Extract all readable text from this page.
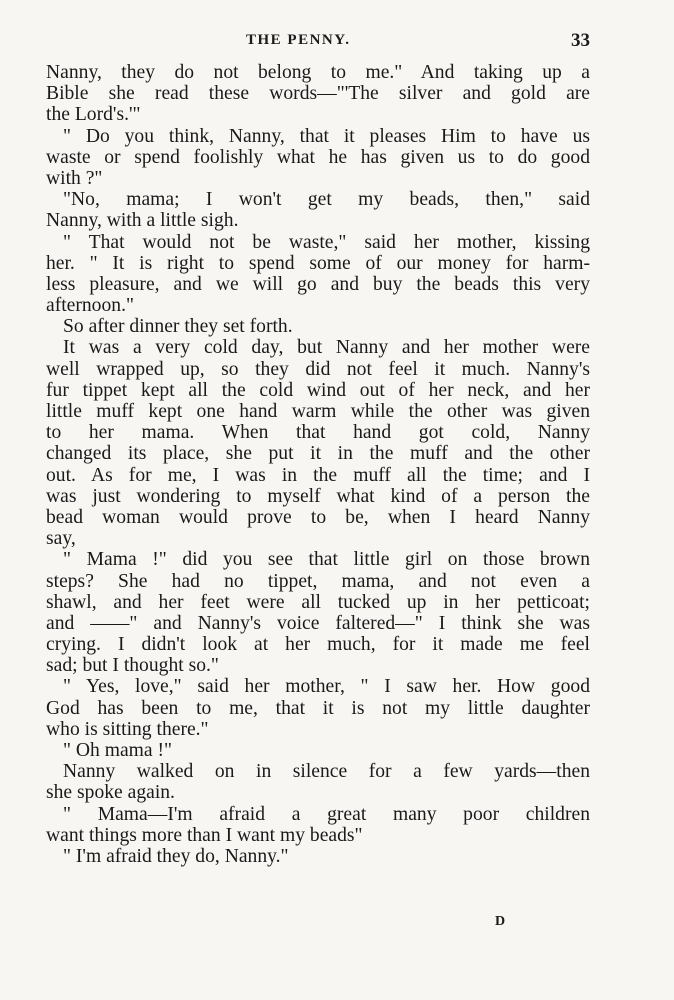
THE PENNY.	33
Nanny, they do not belong to me." And taking up a
Bible she read these words—"'The silver and gold are
the Lord's.'"
" Do you think, Nanny, that it pleases Him to have us
waste or spend foolishly what he has given us to do good
with ?"
"No, mama; I won't get my beads, then," said
Nanny, with a little sigh.
" That would not be waste," said her mother, kissing
her. " It is right to spend some of our money for harm-
less pleasure, and we will go and buy the beads this very
afternoon."
So after dinner they set forth.
It was a very cold day, but Nanny and her mother were
well wrapped up, so they did not feel it much. Nanny's
fur tippet kept all the cold wind out of her neck, and her
little muff kept one hand warm while the other was given
to her mama. When that hand got cold, Nanny
changed its place, she put it in the muff and the other
out. As for me, I was in the muff all the time; and I
was just wondering to myself what kind of a person the
bead woman would prove to be, when I heard Nanny
say,
" Mama !" did you see that little girl on those brown
steps? She had no tippet, mama, and not even a
shawl, and her feet were all tucked up in her petticoat;
and ——" and Nanny's voice faltered—" I think she was
crying. I didn't look at her much, for it made me feel
sad; but I thought so."
" Yes, love," said her mother, " I saw her. How good
God has been to me, that it is not my little daughter
who is sitting there."
" Oh mama !"
Nanny walked on in silence for a few yards—then
she spoke again.
" Mama—I'm afraid a great many poor children
want things more than I want my beads"
" I'm afraid they do, Nanny."
D
